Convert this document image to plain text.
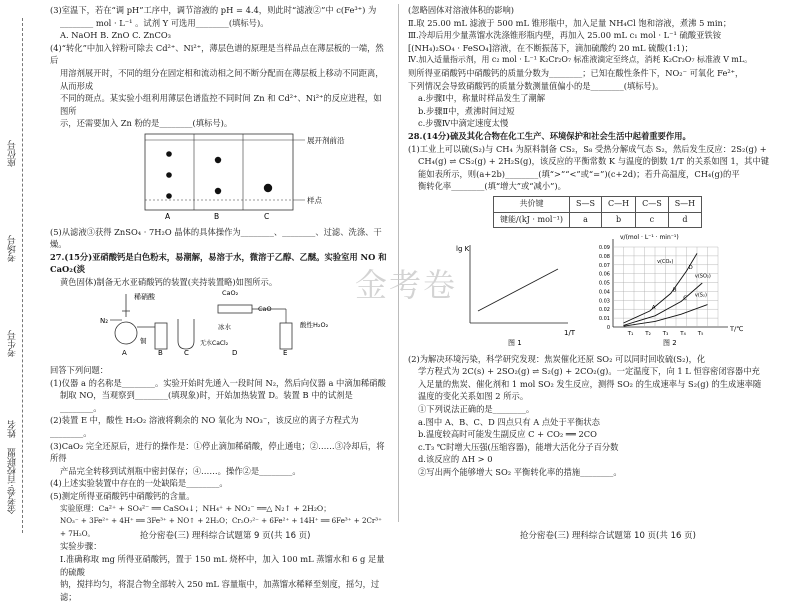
座位号
考场号
考生号
姓名
金考卷·百校联盟
金考卷

(3)室温下，若在“调 pH”工序中，调节溶液的 pH = 4.4，则此时“滤液②”中 c(Fe³⁺) 为

________ mol · L⁻¹ 。试剂 Y 可选用________(填标号)。

A. NaOH B. ZnO C. ZnCO₃

(4)“转化”中加入锌粉可除去 Cd²⁺、Ni²⁺，薄层色谱的原理是当样品点在薄层板的一端，然后

用溶剂展开时，不同的组分在固定相和流动相之间不断分配而在薄层板上移动不同距离，从而形成

不同的斑点。某实验小组利用薄层色谱监控不同时间 Zn 和 Cd²⁺、Ni²⁺的反应进程，如图所

示，还需要加入 Zn 粉的是________(填标号)。

展开剂前沿
样点
A	B	C

(5)从滤液③获得 ZnSO₄ · 7H₂O 晶体的具体操作为________、________、过滤、洗涤、干燥。

27.(15分)亚硝酸钙是白色粉末，易潮解，易溶于水，微溶于乙醇、乙醚。实验室用 NO 和 CaO₂(淡

黄色固体)制备无水亚硝酸钙的装置(夹持装置略)如图所示。

稀硝酸
N₂
铜
A	B	C
无水CaCl₂
CaO₂
CaO
冰水
D
酸性H₂O₂
E

回答下列问题：

(1)仪器 a 的名称是________。实验开始时先通入一段时间 N₂，然后向仪器 a 中滴加稀硝酸

制取 NO，当观察到________(填现象)时，开始加热装置 D。装置 B 中的试剂是________。

(2)装置 E 中，酸性 H₂O₂ 溶液将剩余的 NO 氧化为 NO₃⁻，该反应的离子方程式为________。

(3)CaO₂ 完全还原后，进行的操作是：①停止滴加稀硝酸，停止通电；②……③冷却后，将所得

产品完全转移到试剂瓶中密封保存；④……。操作②是________。

(4)上述实验装置中存在的一处缺陷是________。

(5)测定所得亚硝酸钙中硝酸钙的含量。

实验原理：Ca²⁺ + SO₄²⁻ ══ CaSO₄↓；NH₄⁺ + NO₂⁻ ══△ N₂↑ + 2H₂O；

NO₃⁻ + 3Fe²⁺ + 4H⁺ ══ 3Fe³⁺ + NO↑ + 2H₂O；Cr₂O₇²⁻ + 6Fe²⁺ + 14H⁺ ══ 6Fe³⁺ + 2Cr³⁺ + 7H₂O。

实验步骤：

Ⅰ.准确称取 mg 所得亚硝酸钙，置于 150 mL 烧杯中，加入 100 mL 蒸馏水和 6 g 足量的硫酸

钠，搅拌均匀，将混合物全部转入 250 mL 容量瓶中，加蒸馏水稀释至刻度，摇匀，过滤；

抢分密卷(三) 理科综合试题第 9 页(共 16 页)

(忽略固体对溶液体积的影响)

Ⅱ.取 25.00 mL 滤液于 500 mL 锥形瓶中，加入足量 NH₄Cl 饱和溶液，煮沸 5 min；

Ⅲ.冷却后用少量蒸馏水洗涤锥形瓶内壁，再加入 25.00 mL c₁ mol · L⁻¹ 硫酸亚铁铵

[(NH₄)₂SO₄ · FeSO₄]溶液，在不断振荡下，滴加硫酸约 20 mL 硫酸(1:1)；

Ⅳ.加入适量指示剂，用 c₂ mol · L⁻¹ K₂Cr₂O₇ 标准液滴定至终点，消耗 K₂Cr₂O₇ 标准液 V mL。

则所得亚硝酸钙中硝酸钙的质量分数为________；已知在酸性条件下，NO₂⁻ 可氧化 Fe²⁺，

下列情况会导致硝酸钙的质量分数测量值偏小的是________(填标号)。

a.步骤Ⅰ中，称量时样品发生了潮解

b.步骤Ⅱ中，煮沸时间过短

c.步骤Ⅳ中滴定速度太慢

28.(14分)硫及其化合物在化工生产、环境保护和社会生活中起着重要作用。

(1)工业上可以硫(S₂)与 CH₄ 为原料制备 CS₂，S₈ 受热分解成气态 S₂，然后发生反应：2S₂(g) +

CH₄(g) ⇌ CS₂(g) + 2H₂S(g)，该反应的平衡常数 K 与温度的倒数 1/T 的关系如图 1，其中键

能如表所示，则(a+2b)________(填“>”“<”或“=”)(c+2d)；若升高温度，CH₄(g)的平

衡转化率________(填“增大”或“减小”)。

共价键	S—S	C—H	C—S	S—H
键能/(kJ · mol⁻¹)	a	b	c	d
lg K
1/T
图 1
v/(mol · L⁻¹ · min⁻¹)
T/℃
图 2
0.09
0.08
0.07
0.06
0.05
0.04
0.03
0.02
0.01
0
T₁ T₂ T₃ T₄ T₅
v(CO₂)
v(SO₂)
v(S₂)
A
B
C
D

(2)为解决环境污染，科学研究发现：焦炭催化还原 SO₂ 可以同时回收硫(S₂)，化

学方程式为 2C(s) + 2SO₂(g) ⇌ S₂(g) + 2CO₂(g)。一定温度下，向 1 L 恒容密闭容器中充

入足量的焦炭、催化剂和 1 mol SO₂ 发生反应，测得 SO₂ 的生成速率与 S₂(g) 的生成速率随

温度的变化关系如图 2 所示。

①下列说法正确的是________。

a.图中 A、B、C、D 四点只有 A 点处于平衡状态

b.温度较高时可能发生副反应 C + CO₂ ══ 2CO

c.T₃ ℃时增大压强(压缩容器)，能增大活化分子百分数

d.该反应的 ΔH > 0

②写出两个能够增大 SO₂ 平衡转化率的措施________。

抢分密卷(三) 理科综合试题第 10 页(共 16 页)
